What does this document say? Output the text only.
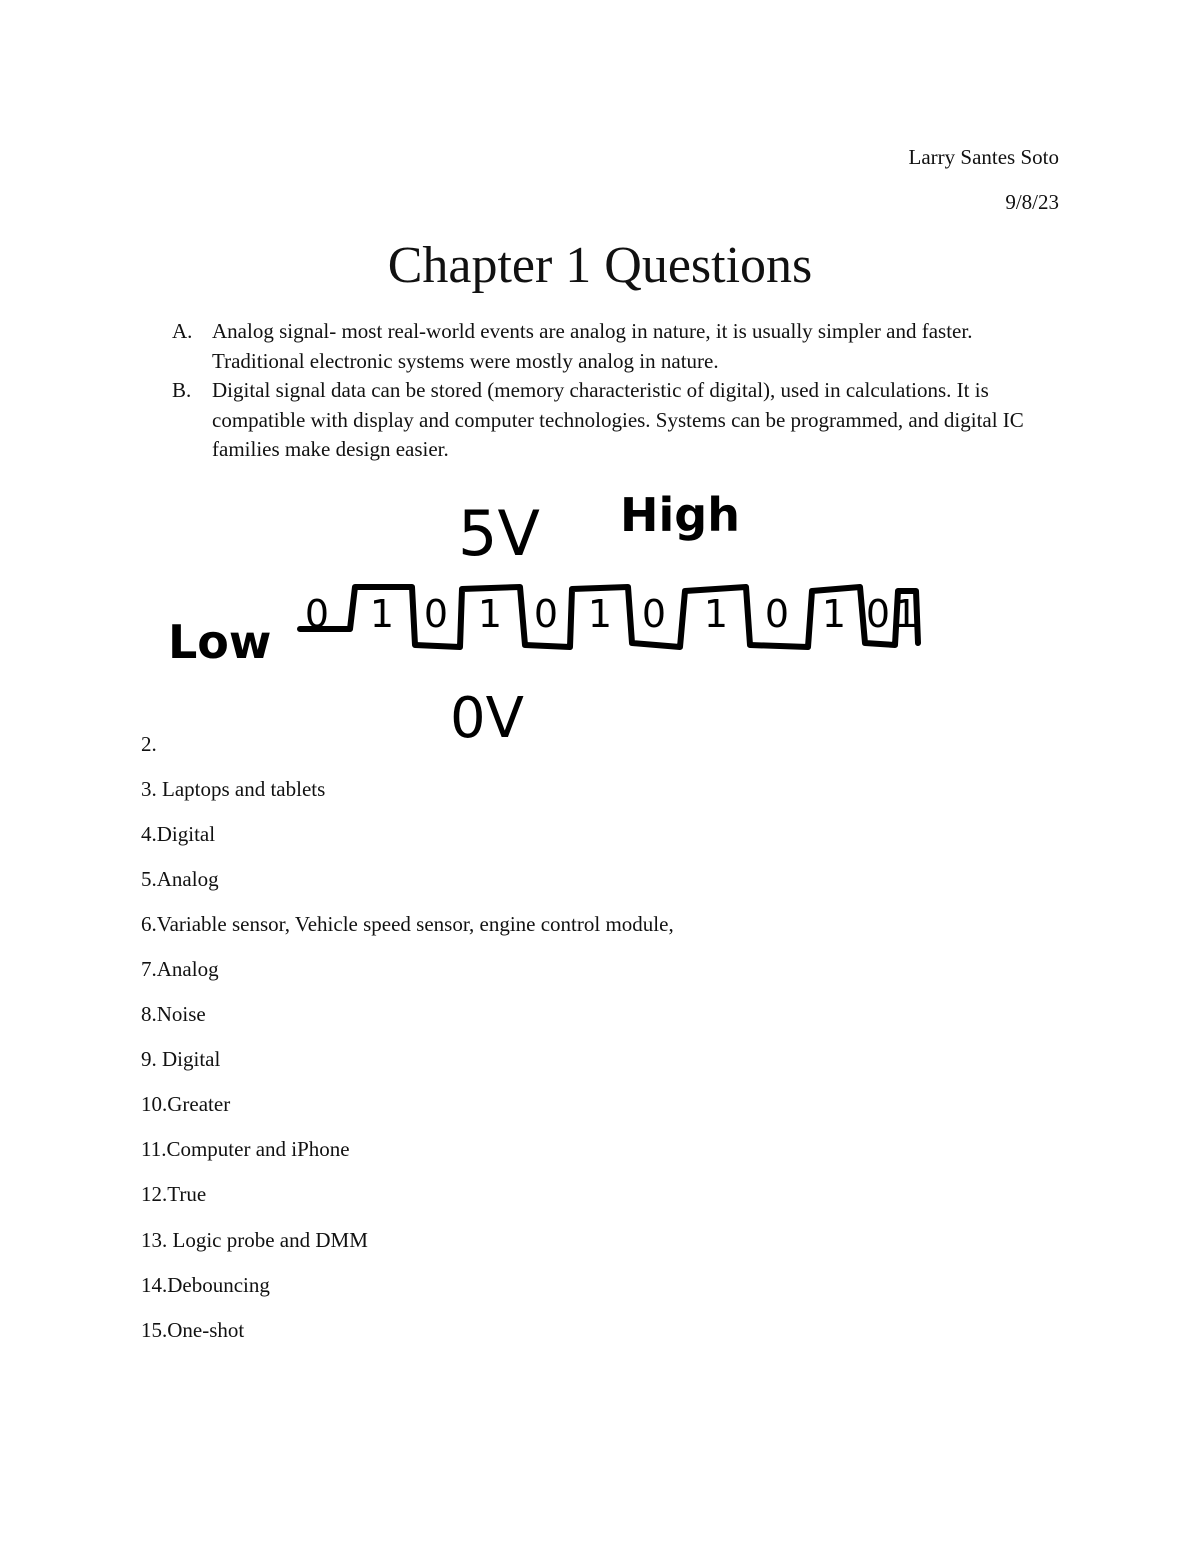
Larry Santes Soto
9/8/23
Chapter 1 Questions
A. Analog signal- most real-world events are analog in nature, it is usually simpler and faster. Traditional electronic systems were mostly analog in nature.
B. Digital signal data can be stored (memory characteristic of digital), used in calculations. It is compatible with display and computer technologies. Systems can be programmed, and digital IC families make design easier.
5V High
Low
0V
0 1 0 1 0 1 0 1 0 1 0 1
2.
3. Laptops and tablets
4.Digital
5.Analog
6.Variable sensor, Vehicle speed sensor, engine control module,
7.Analog
8.Noise
9. Digital
10.Greater
11.Computer and iPhone
12.True
13. Logic probe and DMM
14.Debouncing
15.One-shot
